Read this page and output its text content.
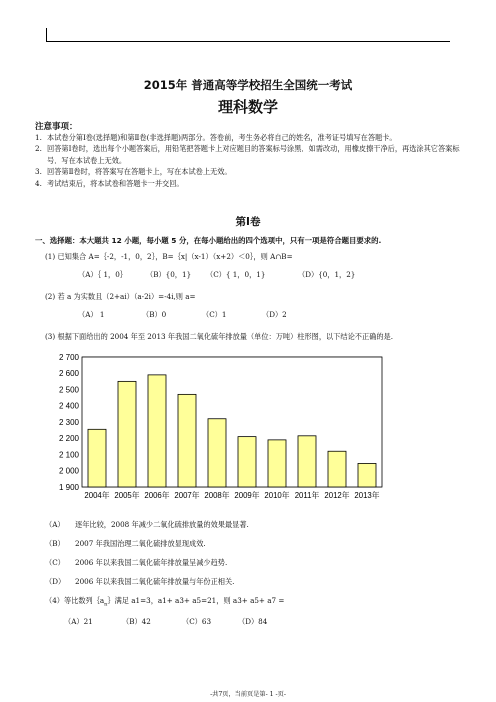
2015年 普通高等学校招生全国统一考试
理科数学
注意事项：
1. 本试卷分第Ⅰ卷(选择题)和第Ⅱ卷(非选择题)两部分。答卷前，考生务必将自己的姓名，准考证号填写在答题卡。
2. 回答第Ⅰ卷时，选出每个小题答案后，用铅笔把答题卡上对应题目的答案标号涂黑．如需改动，用橡皮擦干净后，再选涂其它答案标号．写在本试卷上无效。
3. 回答第Ⅱ卷时，将答案写在答题卡上，写在本试卷上无效。
4. 考试结束后，将本试卷和答题卡一并交回。
第Ⅰ卷
一、选择题：本大题共 12 小题，每小题 5 分，在每小题给出的四个选项中，只有一项是符合题目要求的.
(1) 已知集合 A=｛-2，-1，0，2｝，B=｛x|（x-1）（x+2）＜0｝，则 A∩B=
（A）｛ 1，0｝	（B）{0，1} （C）{ 1，0，1}	（D）{0，1，2}
(2) 若 a 为实数且（2+ai）（a-2i）=-4i,则 a=
（A） 1	（B）0	（C）1	（D）2
(3) 根据下面给出的 2004 年至 2013 年我国二氧化硫年排放量（单位：万吨）柱形图，以下结论不正确的是.
1 900
2 000
2 100
2 200
2 300
2 400
2 500
2 600
2 700
2004年 2005年 2006年 2007年 2008年 2009年 2010年 2011年 2012年 2013年
（A） 逐年比较，2008 年减少二氧化硫排放量的效果最显著.
（B） 2007 年我国治理二氧化硫排放显现成效.
（C） 2006 年以来我国二氧化硫年排放量呈减少趋势.
（D） 2006 年以来我国二氧化硫年排放量与年份正相关.
（4）等比数列$\{a_n\}$满足 a1=3，a1+ a3+ a5=21，则 a3+ a5+ a7 =
（A）21	（B）42	（C）63	（D）84
-共7页，当前页是第- 1 -页-
